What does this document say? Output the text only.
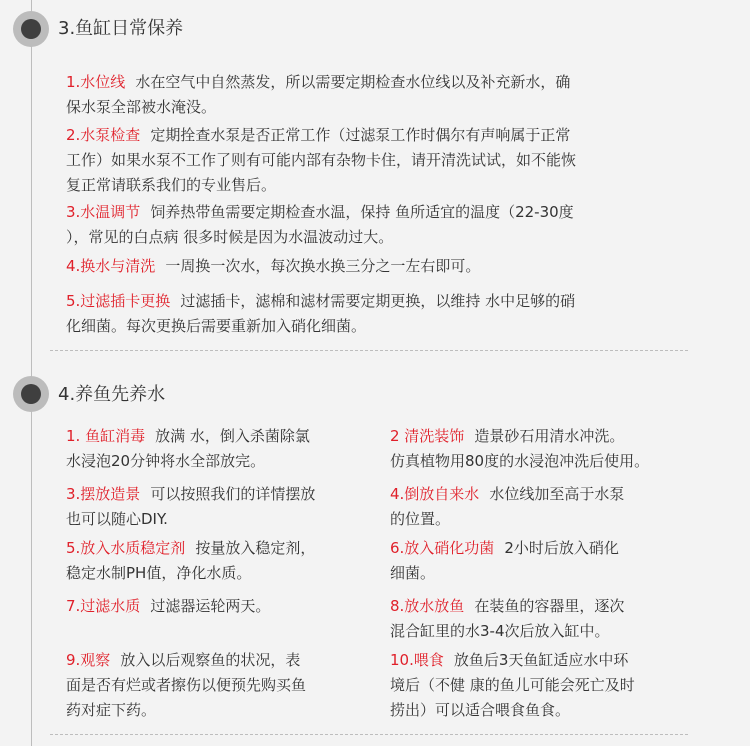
3.鱼缸日常保养
1.水位线 水在空气中自然蒸发，所以需要定期检查水位线以及补充新水，确
保水泵全部被水淹没。
2.水泵检查 定期拴查水泵是否正常工作（过滤泵工作时偶尔有声响属于正常
工作）如果水泵不工作了则有可能内部有杂物卡住，请开清洗试试，如不能恢
复正常请联系我们的专业售后。
3.水温调节 饲养热带鱼需要定期检查水温，保持 鱼所适宜的温度（22-30度
），常见的白点病 很多时候是因为水温波动过大。
4.换水与清洗 一周换一次水，每次换水换三分之一左右即可。
5.过滤插卡更换 过滤插卡，滤棉和滤材需要定期更换，以维持 水中足够的硝
化细菌。每次更换后需要重新加入硝化细菌。
4.养鱼先养水
1. 鱼缸消毒 放满 水，倒入杀菌除氯
水浸泡20分钟将水全部放完。
3.摆放造景 可以按照我们的详情摆放
也可以随心DIY.
5.放入水质稳定剂 按量放入稳定剂，
稳定水制PH值，净化水质。
7.过滤水质 过滤器运轮两天。
9.观察 放入以后观察鱼的状况，表
面是否有烂或者擦伤以便预先购买鱼
药对症下药。
2 清洗装饰 造景砂石用清水冲洗。
仿真植物用80度的水浸泡冲洗后使用。
4.倒放自来水 水位线加至高于水泵
的位置。
6.放入硝化功菌 2小时后放入硝化
细菌。
8.放水放鱼 在装鱼的容器里，逐次
混合缸里的水3-4次后放入缸中。
10.喂食 放鱼后3天鱼缸适应水中环
境后（不健 康的鱼儿可能会死亡及时
捞出）可以适合喂食鱼食。
